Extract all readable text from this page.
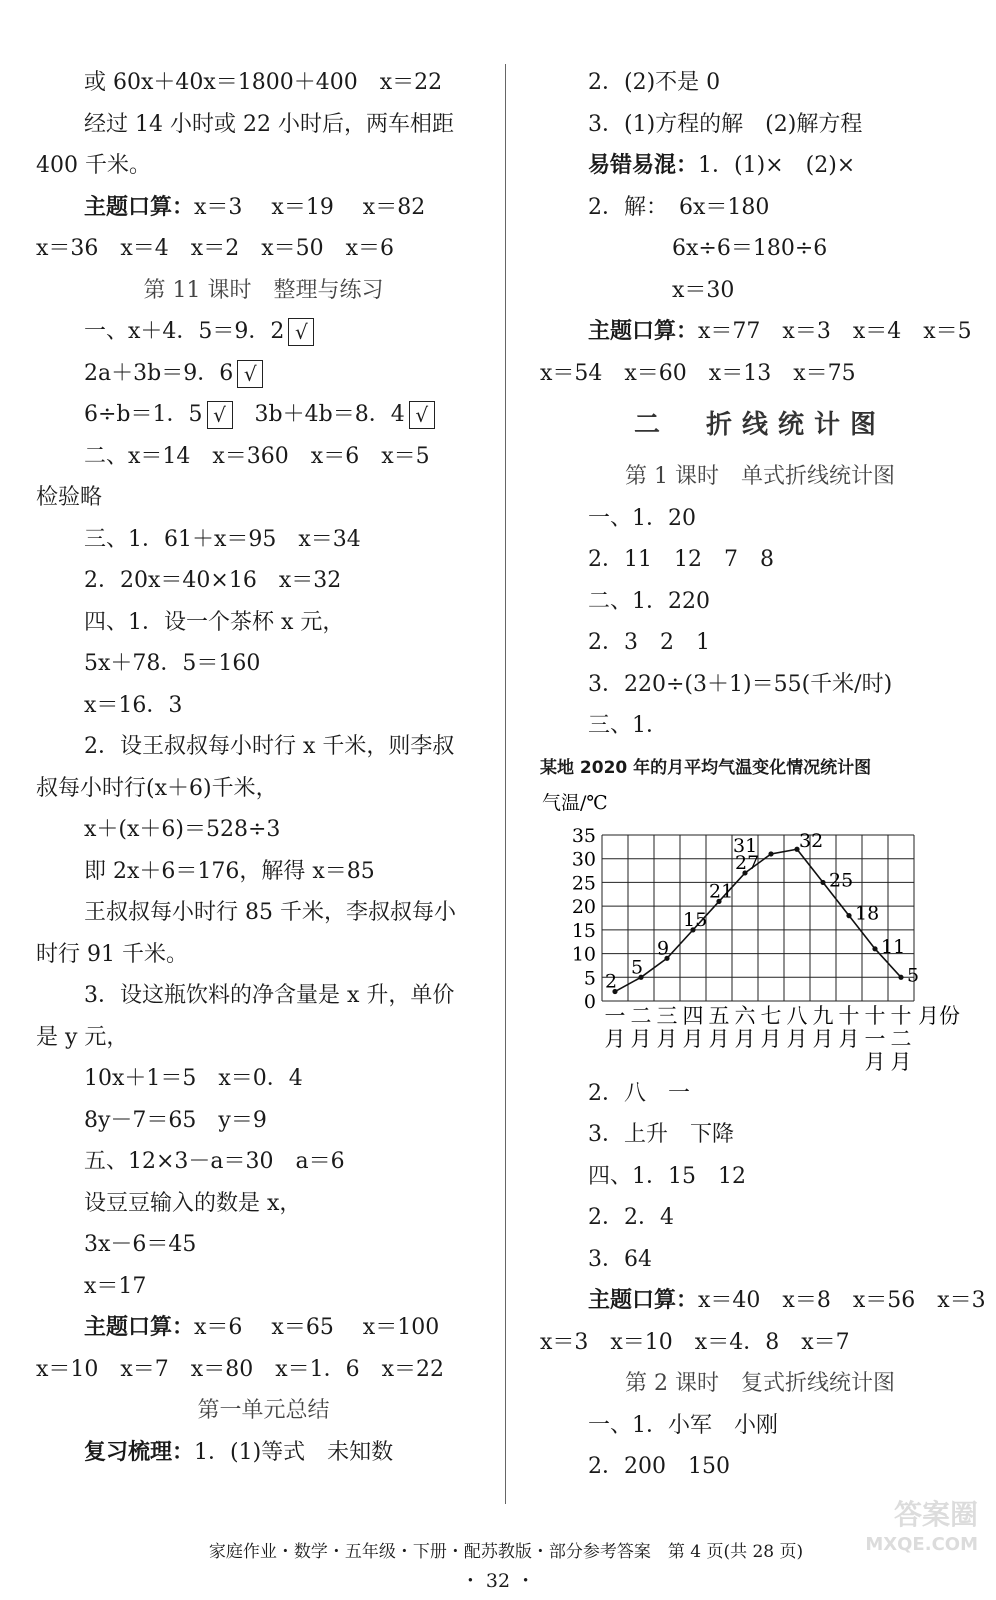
或 60x＋40x＝1800＋400　x＝22
经过 14 小时或 22 小时后，两车相距
400 千米。
主题口算：x＝3　 x＝19　 x＝82
x＝36　x＝4　x＝2　x＝50　x＝6
第 11 课时　整理与练习
一、x＋4．5＝9．2 √
2a＋3b＝9．6 √
6÷b＝1．5 √　 3b＋4b＝8．4 √
二、x＝14　x＝360　x＝6　x＝5
检验略
三、1．61＋x＝95　x＝34
2．20x＝40×16　x＝32
四、1．设一个茶杯 x 元，
5x＋78．5＝160
x＝16．3
2．设王叔叔每小时行 x 千米，则李叔
叔每小时行(x＋6)千米，
x＋(x＋6)＝528÷3
即 2x＋6＝176，解得 x＝85
王叔叔每小时行 85 千米，李叔叔每小
时行 91 千米。
3．设这瓶饮料的净含量是 x 升，单价
是 y 元，
10x＋1＝5　x＝0．4
8y－7＝65　y＝9
五、12×3－a＝30　a＝6
设豆豆输入的数是 x，
3x－6＝45
x＝17
主题口算：x＝6　 x＝65　 x＝100
x＝10　x＝7　x＝80　x＝1．6　x＝22
第一单元总结
复习梳理：1．(1)等式　未知数
2．(2)不是 0
3．(1)方程的解　(2)解方程
易错易混：1．(1)×　(2)×
2．解：　6x＝180
6x÷6＝180÷6
x＝30
主题口算：x＝77　x＝3　x＝4　x＝5
x＝54　x＝60　x＝13　x＝75
二　折线统计图
第 1 课时　单式折线统计图
一、1．20
2．11　12　7　8
二、1．220
2．3　2　1
3．220÷(3＋1)＝55(千米/时)
三、1．
某地 2020 年的月平均气温变化情况统计图
气温/℃
0
5
10
15
20
25
30
35
2
5
9
15
21
27
31 32
25
18
11
5
一 二 三 四 五 六 七 八 九 十 十 十
月 月 月 月 月 月 月 月 月 月 一 二
月 月
月份
2．八　一
3．上升　下降
四、1．15　12
2．2．4
3．64
主题口算：x＝40　x＝8　x＝56　x＝3
x＝3　x＝10　x＝4．8　x＝7
第 2 课时　复式折线统计图
一、1．小军　小刚
2．200　150
家庭作业・数学・五年级・下册・配苏教版・部分参考答案　第 4 页(共 28 页)
・ 32 ・
答案圈
MXQE.COM
